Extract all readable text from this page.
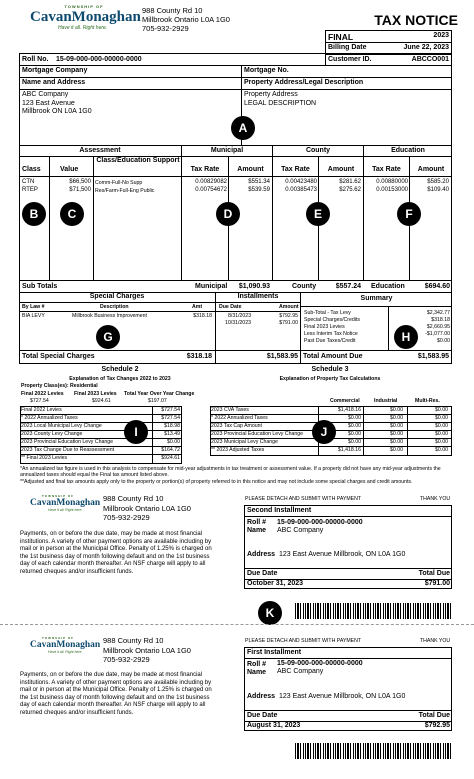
TOWNSHIP OF
CavanMonaghan
Have it all. Right here.
988 County Rd 10
Millbrook Ontario L0A 1G0
705-932-2929
TAX NOTICE
FINAL	2023
Billing Date	June 22, 2023
Customer ID.	ABCCO001
Roll No. 15-09-000-000-00000-0000
Mortgage Company	Mortgage No.
Name and Address	Property Address/Legal Description
ABC Company
123 East Avenue
Millbrook ON L0A 1G0
Property Address
LEGAL DESCRIPTION
A
Assessment	Municipal	County	Education
Class	Value
Class/Education Support
Tax Rate	Amount	Tax Rate	Amount	Tax Rate	Amount
CTN	$66,500 Comm-Full-No Supp	0.00829082	$551.34	0.00423480	$281.62	0.00880000	$585.20
RTEP	$71,500 Res/Farm-Full-Eng Public	0.00754672	$539.59	0.00385473	$275.62	0.00153000	$109.40
B	C	D	E	F
Sub Totals	Municipal	$1,090.93	County	$557.24 Education	$694.60
Special Charges	Installments	Summary
By Law #	Description	Amt	Due Date	Amount
BIA LEVY	Millbrook Business Improvement	$318.18	8/31/2023	$792.95
10/31/2023	$791.00
Sub-Total - Tax Levy	$2,342.77
Special Charges/Credits	$318.18
Final 2023 Levies	$2,660.95
Less Interim Tax Notice	-$1,077.00
Past Due Taxes/Credit	$0.00
G	H
Total Special Charges	$318.18	$1,583.95 Total Amount Due	$1,583.95
Schedule 2
Explanation of Tax Changes 2022 to 2023
Property Class(es): Residential
Final 2022 Levies Final 2023 Levies Total Year Over Year Change
$727.54	$924.61	$197.07
Final 2022 Levies	$727.54
* 2022 Annualized Taxes	$727.54
2023 Local Municipal Levy Change	$18.98
2023 County Levy Change	$13.49
2023 Provincial Education Levy Change	$0.00
2023 Tax Change Due to Reassessment	$164.72
** Final 2023 Levies	$924.61
I
Schedule 3
Explanation of Property Tax Calculations
Commercial	Industrial	Multi-Res.
2023 CVA Taxes	$1,418.16	$0.00	$0.00
* 2022 Annualized Taxes	$0.00	$0.00	$0.00
2023 Tax Cap Amount	$0.00	$0.00	$0.00
2023 Provincial Education Levy Change	$0.00	$0.00	$0.00
2023 Municipal Levy Change	$0.00	$0.00	$0.00
** 2023 Adjusted Taxes	$1,418.16	$0.00	$0.00
J
*An annualized tax figure is used in this analysis to compensate for mid-year adjustments in tax treatment or assessment value. If a property did not have any mid-year adjustments the annualized taxes should equal the Final tax amount listed above.
**Adjusted and final tax amounts apply only to the property or portion(s) of property referred to in this notice and may not include some special charges and credit amounts.
TOWNSHIP OF
CavanMonaghan
Have it all. Right here.
988 County Rd 10
Millbrook Ontario L0A 1G0
705-932-2929
Payments, on or before the due date, may be made at most financial institutions. A variety of other payment options are available including by mail or in person at the Municipal Office. Penalty of 1.25% is charged on the 1st business day of month following default and on the 1st business day of each calendar month thereafter. An NSF charge will apply to all returned cheques and/or insufficient funds.
PLEASE DETACH AND SUBMIT WITH PAYMENT	THANK YOU
Second Installment
Roll # 15-09-000-000-00000-0000
Name ABC Company
Address 123 East Avenue Millbrook, ON L0A 1G0
Due Date	Total Due
October 31, 2023	$791.00
K
TOWNSHIP OF
CavanMonaghan
Have it all. Right here.
988 County Rd 10
Millbrook Ontario L0A 1G0
705-932-2929
Payments, on or before the due date, may be made at most financial institutions. A variety of other payment options are available including by mail or in person at the Municipal Office. Penalty of 1.25% is charged on the 1st business day of month following default and on the 1st business day of each calendar month thereafter. An NSF charge will apply to all returned cheques and/or insufficient funds.
PLEASE DETACH AND SUBMIT WITH PAYMENT	THANK YOU
First Installment
Roll # 15-09-000-000-00000-0000
Name ABC Company
Address 123 East Avenue Millbrook, ON L0A 1G0
Due Date	Total Due
August 31, 2023	$792.95
